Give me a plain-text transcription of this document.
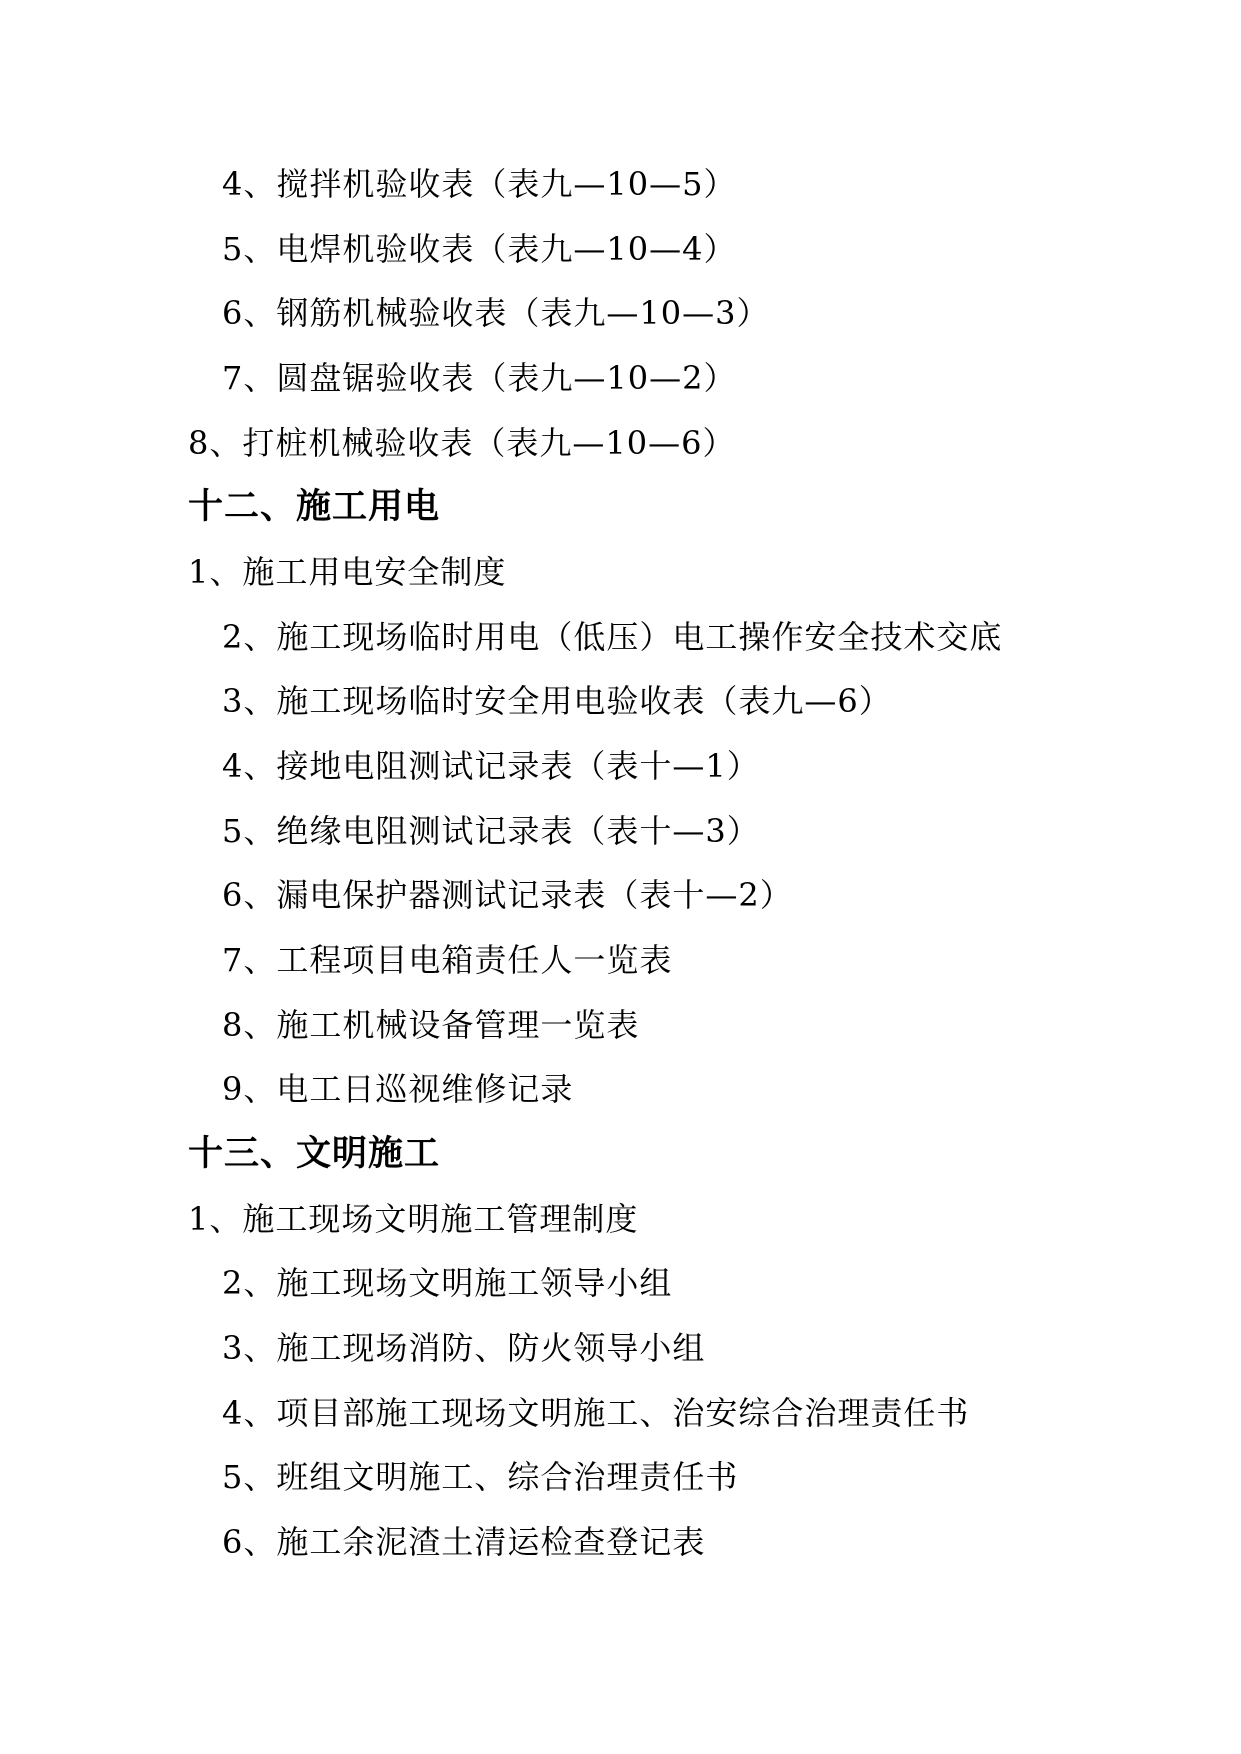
4、搅拌机验收表（表九—10—5）
5、电焊机验收表（表九—10—4）
6、钢筋机械验收表（表九—10—3）
7、圆盘锯验收表（表九—10—2）
8、打桩机械验收表（表九—10—6）
十二、施工用电
1、施工用电安全制度
2、施工现场临时用电（低压）电工操作安全技术交底
3、施工现场临时安全用电验收表（表九—6）
4、接地电阻测试记录表（表十—1）
5、绝缘电阻测试记录表（表十—3）
6、漏电保护器测试记录表（表十—2）
7、工程项目电箱责任人一览表
8、施工机械设备管理一览表
9、电工日巡视维修记录
十三、文明施工
1、施工现场文明施工管理制度
2、施工现场文明施工领导小组
3、施工现场消防、防火领导小组
4、项目部施工现场文明施工、治安综合治理责任书
5、班组文明施工、综合治理责任书
6、施工余泥渣土清运检查登记表
